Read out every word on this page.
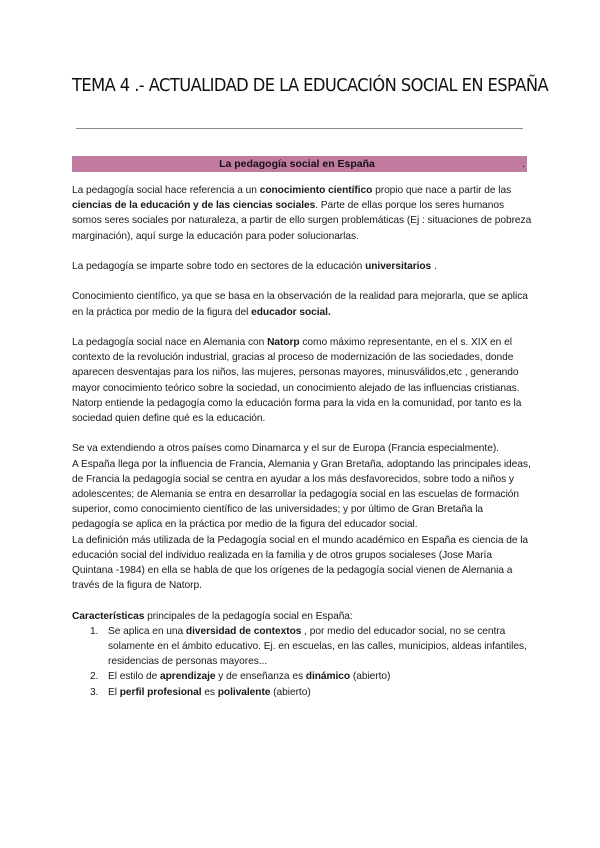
TEMA 4 .- ACTUALIDAD DE LA EDUCACIÓN SOCIAL EN ESPAÑA
La pedagogía social en España	.

La pedagogía social hace referencia a un conocimiento científico propio que nace a partir de las ciencias de la educación y de las ciencias sociales. Parte de ellas porque los seres humanos somos seres sociales por naturaleza, a partir de ello surgen problemáticas (Ej : situaciones de pobreza marginación), aquí surge la educación para poder solucionarlas.

La pedagogía se imparte sobre todo en sectores de la educación universitarios .

Conocimiento científico, ya que se basa en la observación de la realidad para mejorarla, que se aplica en la práctica por medio de la figura del educador social.

La pedagogía social nace en Alemania con Natorp como máximo representante, en el s. XIX en el contexto de la revolución industrial, gracias al proceso de modernización de las sociedades, donde aparecen desventajas para los niños, las mujeres, personas mayores, minusválidos,etc , generando mayor conocimiento teórico sobre la sociedad, un conocimiento alejado de las influencias cristianas.

Natorp entiende la pedagogía como la educación forma para la vida en la comunidad, por tanto es la sociedad quien define qué es la educación.

Se va extendiendo a otros países como Dinamarca y el sur de Europa (Francia especialmente).

A España llega por la influencia de Francia, Alemania y Gran Bretaña, adoptando las principales ideas, de Francia la pedagogía social se centra en ayudar a los más desfavorecidos, sobre todo a niños y adolescentes; de Alemania se entra en desarrollar la pedagogía social en las escuelas de formación superior, como conocimiento científico de las universidades; y por último de Gran Bretaña la pedagogía se aplica en la práctica por medio de la figura del educador social.

La definición más utilizada de la Pedagogía social en el mundo académico en España es ciencia de la educación social del individuo realizada en la familia y de otros grupos socialeses (Jose María Quintana -1984) en ella se habla de que los orígenes de la pedagogía social vienen de Alemania a través de la figura de Natorp.

Características principales de la pedagogía social en España:

1. Se aplica en una diversidad de contextos , por medio del educador social, no se centra solamente en el ámbito educativo. Ej. en escuelas, en las calles, municipios, aldeas infantiles, residencias de personas mayores...
2. El estilo de aprendizaje y de enseñanza es dinámico (abierto)
3. El perfil profesional es polivalente (abierto)
